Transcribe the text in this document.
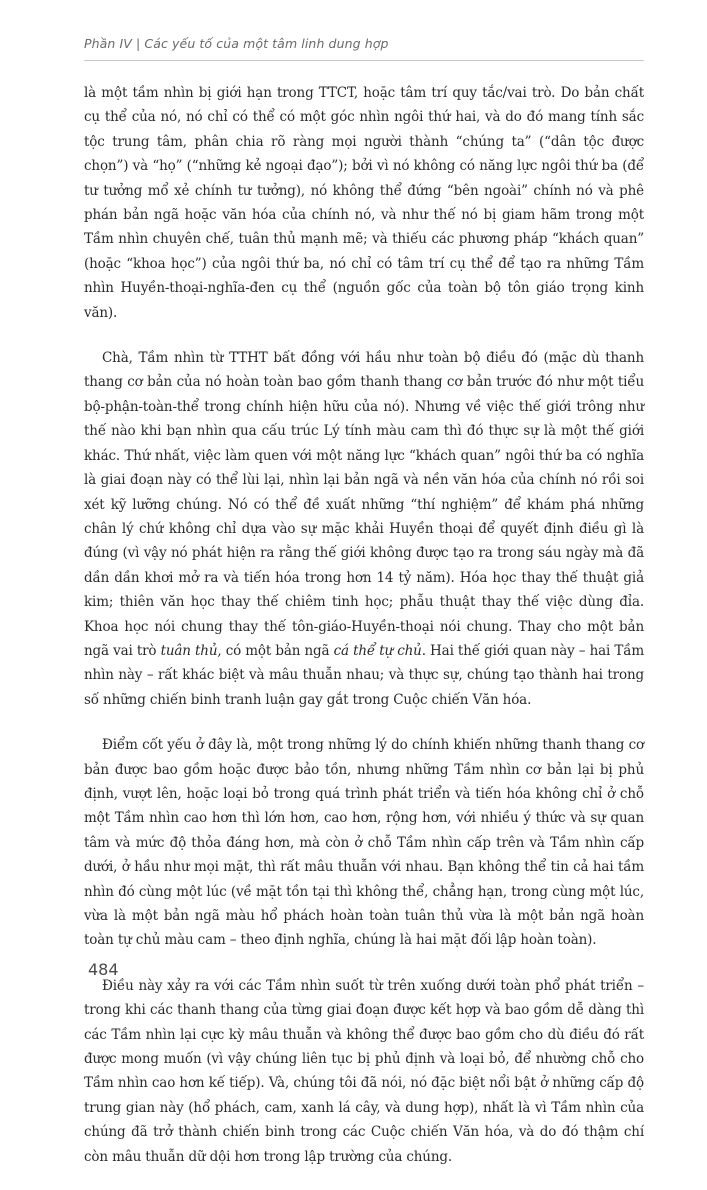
Phần IV | Các yếu tố của một tâm linh dung hợp

là một tầm nhìn bị giới hạn trong TTCT, hoặc tâm trí quy tắc/vai trò. Do bản chất cụ thể của nó, nó chỉ có thể có một góc nhìn ngôi thứ hai, và do đó mang tính sắc tộc trung tâm, phân chia rõ ràng mọi người thành “chúng ta” (“dân tộc được chọn”) và “họ” (“những kẻ ngoại đạo”); bởi vì nó không có năng lực ngôi thứ ba (để tư tưởng mổ xẻ chính tư tưởng), nó không thể đứng “bên ngoài” chính nó và phê phán bản ngã hoặc văn hóa của chính nó, và như thế nó bị giam hãm trong một Tầm nhìn chuyên chế, tuân thủ mạnh mẽ; và thiếu các phương pháp “khách quan” (hoặc “khoa học”) của ngôi thứ ba, nó chỉ có tâm trí cụ thể để tạo ra những Tầm nhìn Huyền-thoại-nghĩa-đen cụ thể (nguồn gốc của toàn bộ tôn giáo trọng kinh văn).

Chà, Tầm nhìn từ TTHT bất đồng với hầu như toàn bộ điều đó (mặc dù thanh thang cơ bản của nó hoàn toàn bao gồm thanh thang cơ bản trước đó như một tiểu bộ-phận-toàn-thể trong chính hiện hữu của nó). Nhưng về việc thế giới trông như thế nào khi bạn nhìn qua cấu trúc Lý tính màu cam thì đó thực sự là một thế giới khác. Thứ nhất, việc làm quen với một năng lực “khách quan” ngôi thứ ba có nghĩa là giai đoạn này có thể lùi lại, nhìn lại bản ngã và nền văn hóa của chính nó rồi soi xét kỹ lưỡng chúng. Nó có thể đề xuất những “thí nghiệm” để khám phá những chân lý chứ không chỉ dựa vào sự mặc khải Huyền thoại để quyết định điều gì là đúng (vì vậy nó phát hiện ra rằng thế giới không được tạo ra trong sáu ngày mà đã dần dần khơi mở ra và tiến hóa trong hơn 14 tỷ năm). Hóa học thay thế thuật giả kim; thiên văn học thay thế chiêm tinh học; phẫu thuật thay thế việc dùng đỉa. Khoa học nói chung thay thế tôn-giáo-Huyền-thoại nói chung. Thay cho một bản ngã vai trò tuân thủ, có một bản ngã cá thể tự chủ. Hai thế giới quan này – hai Tầm nhìn này – rất khác biệt và mâu thuẫn nhau; và thực sự, chúng tạo thành hai trong số những chiến binh tranh luận gay gắt trong Cuộc chiến Văn hóa.

Điểm cốt yếu ở đây là, một trong những lý do chính khiến những thanh thang cơ bản được bao gồm hoặc được bảo tồn, nhưng những Tầm nhìn cơ bản lại bị phủ định, vượt lên, hoặc loại bỏ trong quá trình phát triển và tiến hóa không chỉ ở chỗ một Tầm nhìn cao hơn thì lớn hơn, cao hơn, rộng hơn, với nhiều ý thức và sự quan tâm và mức độ thỏa đáng hơn, mà còn ở chỗ Tầm nhìn cấp trên và Tầm nhìn cấp dưới, ở hầu như mọi mặt, thì rất mâu thuẫn với nhau. Bạn không thể tin cả hai tầm nhìn đó cùng một lúc (về mặt tồn tại thì không thể, chẳng hạn, trong cùng một lúc, vừa là một bản ngã màu hổ phách hoàn toàn tuân thủ vừa là một bản ngã hoàn toàn tự chủ màu cam – theo định nghĩa, chúng là hai mặt đối lập hoàn toàn).

Điều này xảy ra với các Tầm nhìn suốt từ trên xuống dưới toàn phổ phát triển – trong khi các thanh thang của từng giai đoạn được kết hợp và bao gồm dễ dàng thì các Tầm nhìn lại cực kỳ mâu thuẫn và không thể được bao gồm cho dù điều đó rất được mong muốn (vì vậy chúng liên tục bị phủ định và loại bỏ, để nhường chỗ cho Tầm nhìn cao hơn kế tiếp). Và, chúng tôi đã nói, nó đặc biệt nổi bật ở những cấp độ trung gian này (hổ phách, cam, xanh lá cây, và dung hợp), nhất là vì Tầm nhìn của chúng đã trở thành chiến binh trong các Cuộc chiến Văn hóa, và do đó thậm chí còn mâu thuẫn dữ dội hơn trong lập trường của chúng.

484
